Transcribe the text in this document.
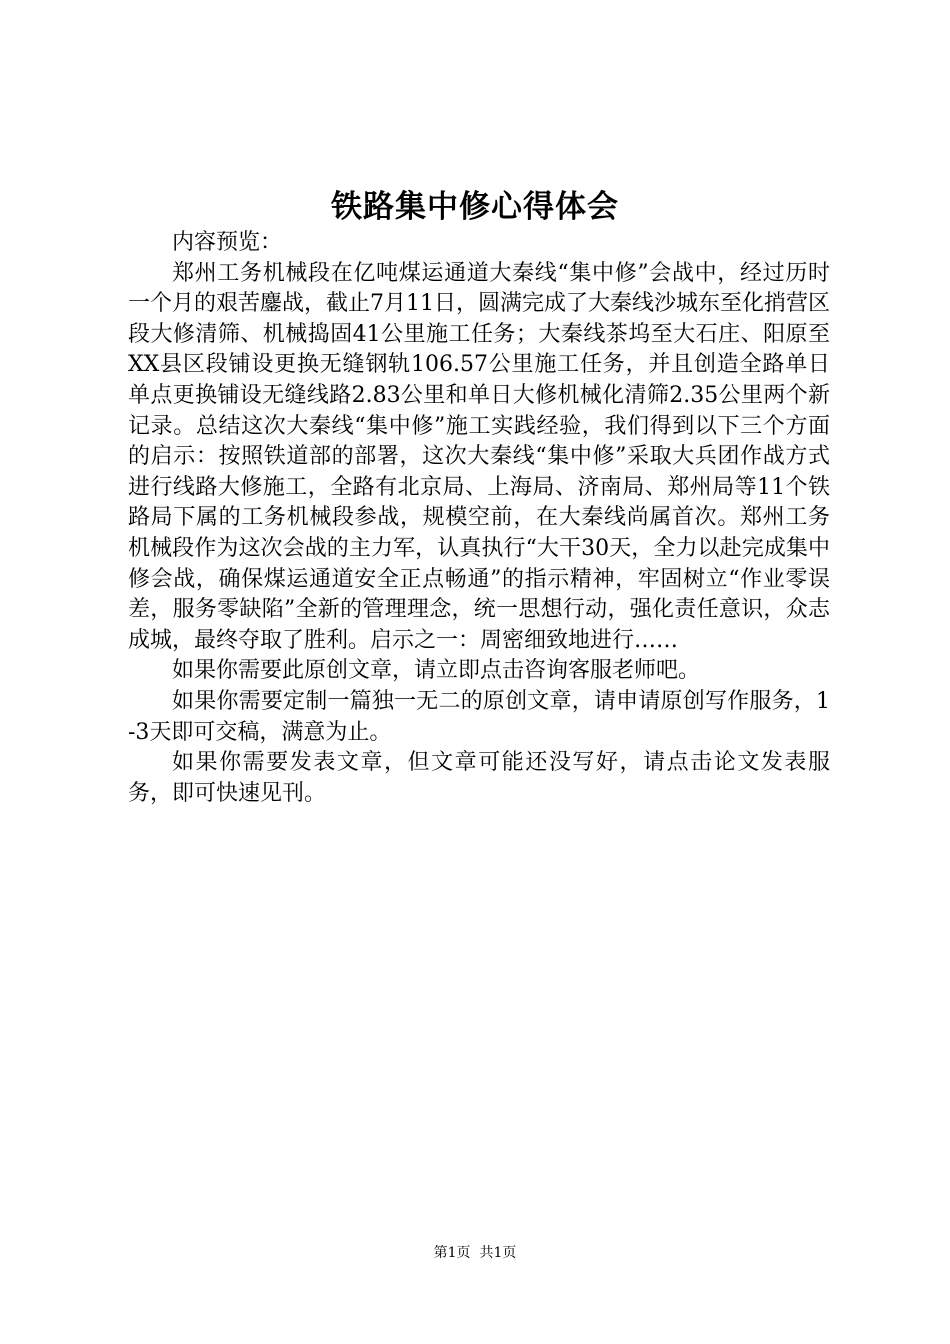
铁路集中修心得体会

内容预览：

郑州工务机械段在亿吨煤运通道大秦线“集中修”会战中，经过历时一个月的艰苦鏖战，截止7月11日，圆满完成了大秦线沙城东至化捎营区段大修清筛、机械捣固41公里施工任务；大秦线茶坞至大石庄、阳原至XX县区段铺设更换无缝钢轨106.57公里施工任务，并且创造全路单日单点更换铺设无缝线路2.83公里和单日大修机械化清筛2.35公里两个新记录。总结这次大秦线“集中修”施工实践经验，我们得到以下三个方面的启示：按照铁道部的部署，这次大秦线“集中修”采取大兵团作战方式进行线路大修施工，全路有北京局、上海局、济南局、郑州局等11个铁路局下属的工务机械段参战，规模空前，在大秦线尚属首次。郑州工务机械段作为这次会战的主力军，认真执行“大干30天，全力以赴完成集中修会战，确保煤运通道安全正点畅通”的指示精神，牢固树立“作业零误差，服务零缺陷”全新的管理理念，统一思想行动，强化责任意识，众志成城，最终夺取了胜利。启示之一：周密细致地进行……

如果你需要此原创文章，请立即点击咨询客服老师吧。

如果你需要定制一篇独一无二的原创文章，请申请原创写作服务，1-3天即可交稿，满意为止。

如果你需要发表文章，但文章可能还没写好，请点击论文发表服务，即可快速见刊。

第1页 共1页
